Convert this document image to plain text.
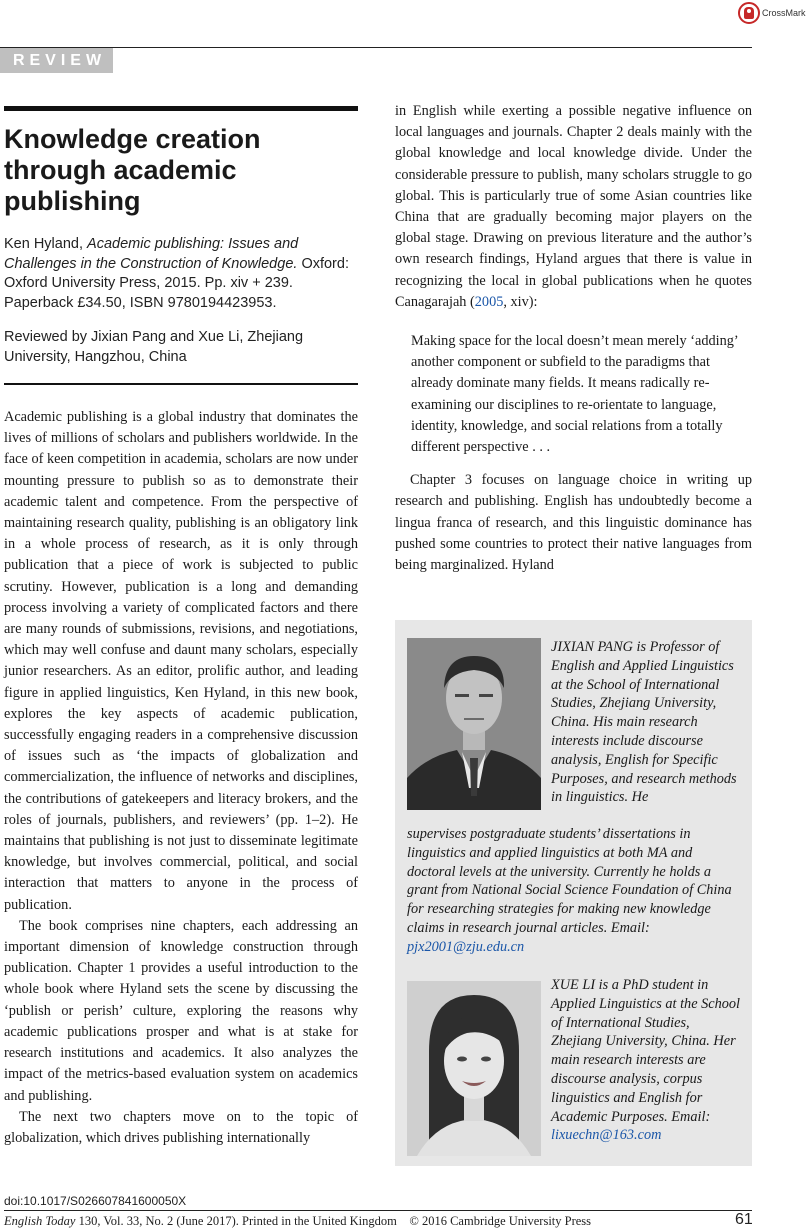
CrossMark
REVIEW
Knowledge creation through academic publishing

Ken Hyland, Academic publishing: Issues and Challenges in the Construction of Knowledge. Oxford: Oxford University Press, 2015. Pp. xiv + 239. Paperback £34.50, ISBN 9780194423953.

Reviewed by Jixian Pang and Xue Li, Zhejiang University, Hangzhou, China

Academic publishing is a global industry that dominates the lives of millions of scholars and publishers worldwide. In the face of keen competition in academia, scholars are now under mounting pressure to publish so as to demonstrate their academic talent and competence. From the perspective of maintaining research quality, publishing is an obligatory link in a whole process of research, as it is only through publication that a piece of work is subjected to public scrutiny. However, publication is a long and demanding process involving a variety of complicated factors and there are many rounds of submissions, revisions, and negotiations, which may well confuse and daunt many scholars, especially junior researchers. As an editor, prolific author, and leading figure in applied linguistics, Ken Hyland, in this new book, explores the key aspects of academic publication, successfully engaging readers in a comprehensive discussion of issues such as ‘the impacts of globalization and commercialization, the influence of networks and disciplines, the contributions of gatekeepers and literacy brokers, and the roles of journals, publishers, and reviewers’ (pp. 1–2). He maintains that publishing is not just to disseminate legitimate knowledge, but involves commercial, political, and social interaction that matters to anyone in the process of publication.

The book comprises nine chapters, each addressing an important dimension of knowledge construction through publication. Chapter 1 provides a useful introduction to the whole book where Hyland sets the scene by discussing the ‘publish or perish’ culture, exploring the reasons why academic publications prosper and what is at stake for research institutions and academics. It also analyzes the impact of the metrics-based evaluation system on academics and publishing.

The next two chapters move on to the topic of globalization, which drives publishing internationally

in English while exerting a possible negative influence on local languages and journals. Chapter 2 deals mainly with the global knowledge and local knowledge divide. Under the considerable pressure to publish, many scholars struggle to go global. This is particularly true of some Asian countries like China that are gradually becoming major players on the global stage. Drawing on previous literature and the author’s own research findings, Hyland argues that there is value in recognizing the local in global publications when he quotes Canagarajah (2005, xiv):

Making space for the local doesn’t mean merely ‘adding’ another component or subfield to the paradigms that already dominate many fields. It means radically re-examining our disciplines to re-orientate to language, identity, knowledge, and social relations from a totally different perspective . . .

Chapter 3 focuses on language choice in writing up research and publishing. English has undoubtedly become a lingua franca of research, and this linguistic dominance has pushed some countries to protect their native languages from being marginalized. Hyland

JIXIAN PANG is Professor of English and Applied Linguistics at the School of International Studies, Zhejiang University, China. His main research interests include discourse analysis, English for Specific Purposes, and research methods in linguistics. He
supervises postgraduate students’ dissertations in linguistics and applied linguistics at both MA and doctoral levels at the university. Currently he holds a grant from National Social Science Foundation of China for researching strategies for making new knowledge claims in research journal articles. Email: pjx2001@zju.edu.cn
XUE LI is a PhD student in Applied Linguistics at the School of International Studies, Zhejiang University, China. Her main research interests are discourse analysis, corpus linguistics and English for Academic Purposes. Email: lixuechn@163.com
doi:10.1017/S026607841600050X
English Today 130, Vol. 33, No. 2 (June 2017). Printed in the United Kingdom    © 2016 Cambridge University Press	61
